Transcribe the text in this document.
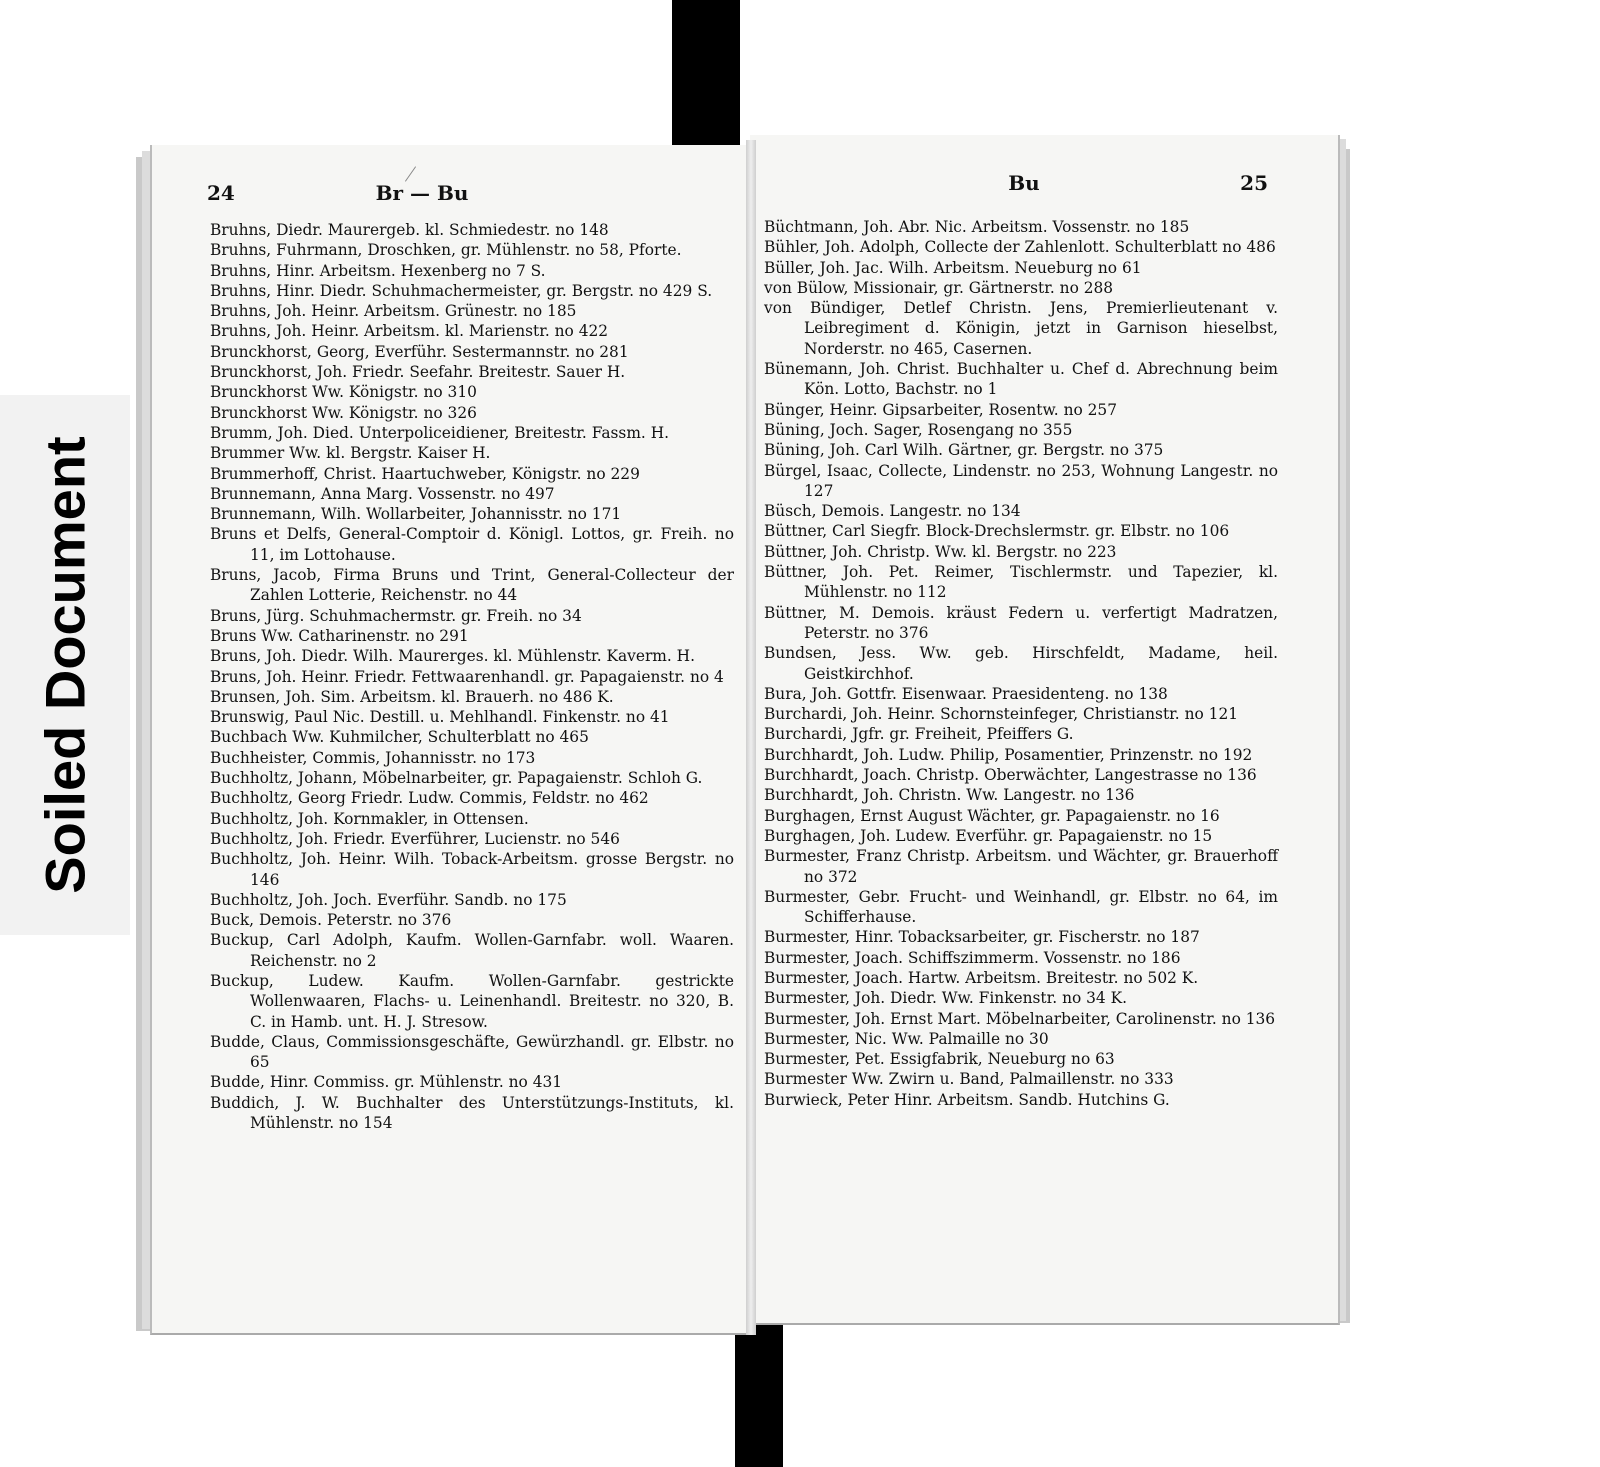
Soiled Document
24	Br — Bu
Bruhns, Diedr. Maurergeb. kl. Schmiedestr. no 148
Bruhns, Fuhrmann, Droschken, gr. Mühlenstr. no 58, Pforte.
Bruhns, Hinr. Arbeitsm. Hexenberg no 7 S.
Bruhns, Hinr. Diedr. Schuhmachermeister, gr. Bergstr. no 429 S.
Bruhns, Joh. Heinr. Arbeitsm. Grünestr. no 185
Bruhns, Joh. Heinr. Arbeitsm. kl. Marienstr. no 422
Brunckhorst, Georg, Everführ. Sestermannstr. no 281
Brunckhorst, Joh. Friedr. Seefahr. Breitestr. Sauer H.
Brunckhorst Ww. Königstr. no 310
Brunckhorst Ww. Königstr. no 326
Brumm, Joh. Died. Unterpoliceidiener, Breitestr. Fassm. H.
Brummer Ww. kl. Bergstr. Kaiser H.
Brummerhoff, Christ. Haartuchweber, Königstr. no 229
Brunnemann, Anna Marg. Vossenstr. no 497
Brunnemann, Wilh. Wollarbeiter, Johannisstr. no 171
Bruns et Delfs, General-Comptoir d. Königl. Lottos, gr. Freih. no 11, im Lottohause.
Bruns, Jacob, Firma Bruns und Trint, General-Collecteur der Zahlen Lotterie, Reichenstr. no 44
Bruns, Jürg. Schuhmachermstr. gr. Freih. no 34
Bruns Ww. Catharinenstr. no 291
Bruns, Joh. Diedr. Wilh. Maurerges. kl. Mühlenstr. Kaverm. H.
Bruns, Joh. Heinr. Friedr. Fettwaarenhandl. gr. Papagaienstr. no 4
Brunsen, Joh. Sim. Arbeitsm. kl. Brauerh. no 486 K.
Brunswig, Paul Nic. Destill. u. Mehlhandl. Finkenstr. no 41
Buchbach Ww. Kuhmilcher, Schulterblatt no 465
Buchheister, Commis, Johannisstr. no 173
Buchholtz, Johann, Möbelnarbeiter, gr. Papagaienstr. Schloh G.
Buchholtz, Georg Friedr. Ludw. Commis, Feldstr. no 462
Buchholtz, Joh. Kornmakler, in Ottensen.
Buchholtz, Joh. Friedr. Everführer, Lucienstr. no 546
Buchholtz, Joh. Heinr. Wilh. Toback-Arbeitsm. grosse Bergstr. no 146
Buchholtz, Joh. Joch. Everführ. Sandb. no 175
Buck, Demois. Peterstr. no 376
Buckup, Carl Adolph, Kaufm. Wollen-Garnfabr. woll. Waaren. Reichenstr. no 2
Buckup, Ludew. Kaufm. Wollen-Garnfabr. gestrickte Wollenwaaren, Flachs- u. Leinenhandl. Breitestr. no 320, B. C. in Hamb. unt. H. J. Stresow.
Budde, Claus, Commissionsgeschäfte, Gewürzhandl. gr. Elbstr. no 65
Budde, Hinr. Commiss. gr. Mühlenstr. no 431
Buddich, J. W. Buchhalter des Unterstützungs-Instituts, kl. Mühlenstr. no 154
Bu	25
Büchtmann, Joh. Abr. Nic. Arbeitsm. Vossenstr. no 185
Bühler, Joh. Adolph, Collecte der Zahlenlott. Schulterblatt no 486
Büller, Joh. Jac. Wilh. Arbeitsm. Neueburg no 61
von Bülow, Missionair, gr. Gärtnerstr. no 288
von Bündiger, Detlef Christn. Jens, Premierlieutenant v. Leibregiment d. Königin, jetzt in Garnison hieselbst, Norderstr. no 465, Casernen.
Bünemann, Joh. Christ. Buchhalter u. Chef d. Abrechnung beim Kön. Lotto, Bachstr. no 1
Bünger, Heinr. Gipsarbeiter, Rosentw. no 257
Büning, Joch. Sager, Rosengang no 355
Büning, Joh. Carl Wilh. Gärtner, gr. Bergstr. no 375
Bürgel, Isaac, Collecte, Lindenstr. no 253, Wohnung Langestr. no 127
Büsch, Demois. Langestr. no 134
Büttner, Carl Siegfr. Block-Drechslermstr. gr. Elbstr. no 106
Büttner, Joh. Christp. Ww. kl. Bergstr. no 223
Büttner, Joh. Pet. Reimer, Tischlermstr. und Tapezier, kl. Mühlenstr. no 112
Büttner, M. Demois. kräust Federn u. verfertigt Madratzen, Peterstr. no 376
Bundsen, Jess. Ww. geb. Hirschfeldt, Madame, heil. Geistkirchhof.
Bura, Joh. Gottfr. Eisenwaar. Praesidenteng. no 138
Burchardi, Joh. Heinr. Schornsteinfeger, Christianstr. no 121
Burchardi, Jgfr. gr. Freiheit, Pfeiffers G.
Burchhardt, Joh. Ludw. Philip, Posamentier, Prinzenstr. no 192
Burchhardt, Joach. Christp. Oberwächter, Langestrasse no 136
Burchhardt, Joh. Christn. Ww. Langestr. no 136
Burghagen, Ernst August Wächter, gr. Papagaienstr. no 16
Burghagen, Joh. Ludew. Everführ. gr. Papagaienstr. no 15
Burmester, Franz Christp. Arbeitsm. und Wächter, gr. Brauerhoff no 372
Burmester, Gebr. Frucht- und Weinhandl, gr. Elbstr. no 64, im Schifferhause.
Burmester, Hinr. Tobacksarbeiter, gr. Fischerstr. no 187
Burmester, Joach. Schiffszimmerm. Vossenstr. no 186
Burmester, Joach. Hartw. Arbeitsm. Breitestr. no 502 K.
Burmester, Joh. Diedr. Ww. Finkenstr. no 34 K.
Burmester, Joh. Ernst Mart. Möbelnarbeiter, Carolinenstr. no 136
Burmester, Nic. Ww. Palmaille no 30
Burmester, Pet. Essigfabrik, Neueburg no 63
Burmester Ww. Zwirn u. Band, Palmaillenstr. no 333
Burwieck, Peter Hinr. Arbeitsm. Sandb. Hutchins G.
